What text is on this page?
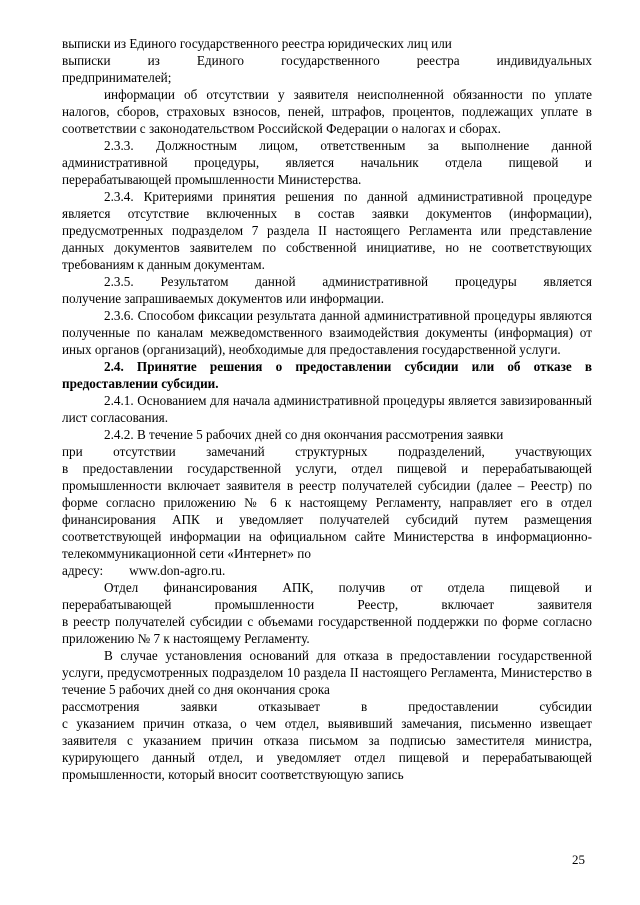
выписки из Единого государственного реестра юридических лиц или
выписки	из	Единого	государственного	реестра	индивидуальных

предпринимателей;

информации об отсутствии у заявителя неисполненной обязанности по уплате налогов, сборов, страховых взносов, пеней, штрафов, процентов, подлежащих уплате в соответствии с законодательством Российской Федерации о налогах и сборах.

2.3.3. Должностным лицом, ответственным за выполнение данной
административной процедуры, является начальник отдела пищевой и

перерабатывающей промышленности Министерства.

2.3.4. Критериями принятия решения по данной административной процедуре является отсутствие включенных в состав заявки документов (информации), предусмотренных подразделом 7 раздела II настоящего Регламента или представление данных документов заявителем по собственной инициативе, но не соответствующих требованиям к данным документам.

2.3.5. Результатом данной административной процедуры является

получение запрашиваемых документов или информации.

2.3.6. Способом фиксации результата данной административной процедуры являются полученные по каналам межведомственного взаимодействия документы (информация) от иных органов (организаций), необходимые для предоставления государственной услуги.

2.4. Принятие решения о предоставлении субсидии или об отказе в предоставлении субсидии.

2.4.1. Основанием для начала административной процедуры является завизированный лист согласования.

2.4.2. В течение 5 рабочих дней со дня окончания рассмотрения заявки
при отсутствии замечаний структурных подразделений, участвующих

в предоставлении государственной услуги, отдел пищевой и перерабатывающей промышленности включает заявителя в реестр получателей субсидии (далее – Реестр) по форме согласно приложению № 6 к настоящему Регламенту, направляет его в отдел финансирования АПК и уведомляет получателей субсидий путем размещения соответствующей информации на официальном сайте Министерства в информационно-телекоммуникационной сети «Интернет» по

адресу: www.don-agro.ru.
Отдел финансирования АПК, получив от отдела пищевой и
перерабатывающей	промышленности	Реестр,	включает	заявителя

в реестр получателей субсидии с объемами государственной поддержки по форме согласно приложению № 7 к настоящему Регламенту.

В случае установления оснований для отказа в предоставлении государственной услуги, предусмотренных подразделом 10 раздела II настоящего Регламента, Министерство в течение 5 рабочих дней со дня окончания срока

рассмотрения	заявки	отказывает	в	предоставлении	субсидии

с указанием причин отказа, о чем отдел, выявивший замечания, письменно извещает заявителя с указанием причин отказа письмом за подписью заместителя министра, курирующего данный отдел, и уведомляет отдел пищевой и перерабатывающей промышленности, который вносит соответствующую запись

25
